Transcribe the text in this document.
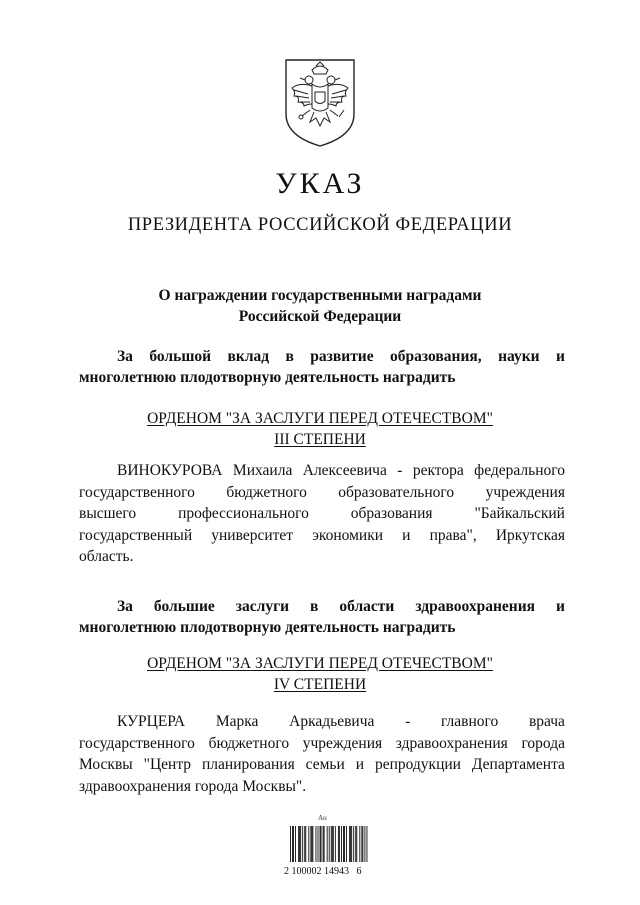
УКАЗ
ПРЕЗИДЕНТА РОССИЙСКОЙ ФЕДЕРАЦИИ
О награждении государственными наградами
Российской Федерации
За большой вклад в развитие образования, науки и
многолетнюю плодотворную деятельность наградить
ОРДЕНОМ "ЗА ЗАСЛУГИ ПЕРЕД ОТЕЧЕСТВОМ"
III СТЕПЕНИ
ВИНОКУРОВА Михаила Алексеевича - ректора федерального
государственного бюджетного образовательного учреждения
высшего	профессионального	образования	"Байкальский
государственный университет экономики и права", Иркутская
область.
За большие заслуги в области здравоохранения и
многолетнюю плодотворную деятельность наградить
ОРДЕНОМ "ЗА ЗАСЛУГИ ПЕРЕД ОТЕЧЕСТВОМ"
IV СТЕПЕНИ
КУРЦЕРА Марка Аркадьевича - главного врача
государственного бюджетного учреждения здравоохранения города
Москвы "Центр планирования семьи и репродукции Департамента
здравоохранения города Москвы".
Ан
2 100002 14943   6
